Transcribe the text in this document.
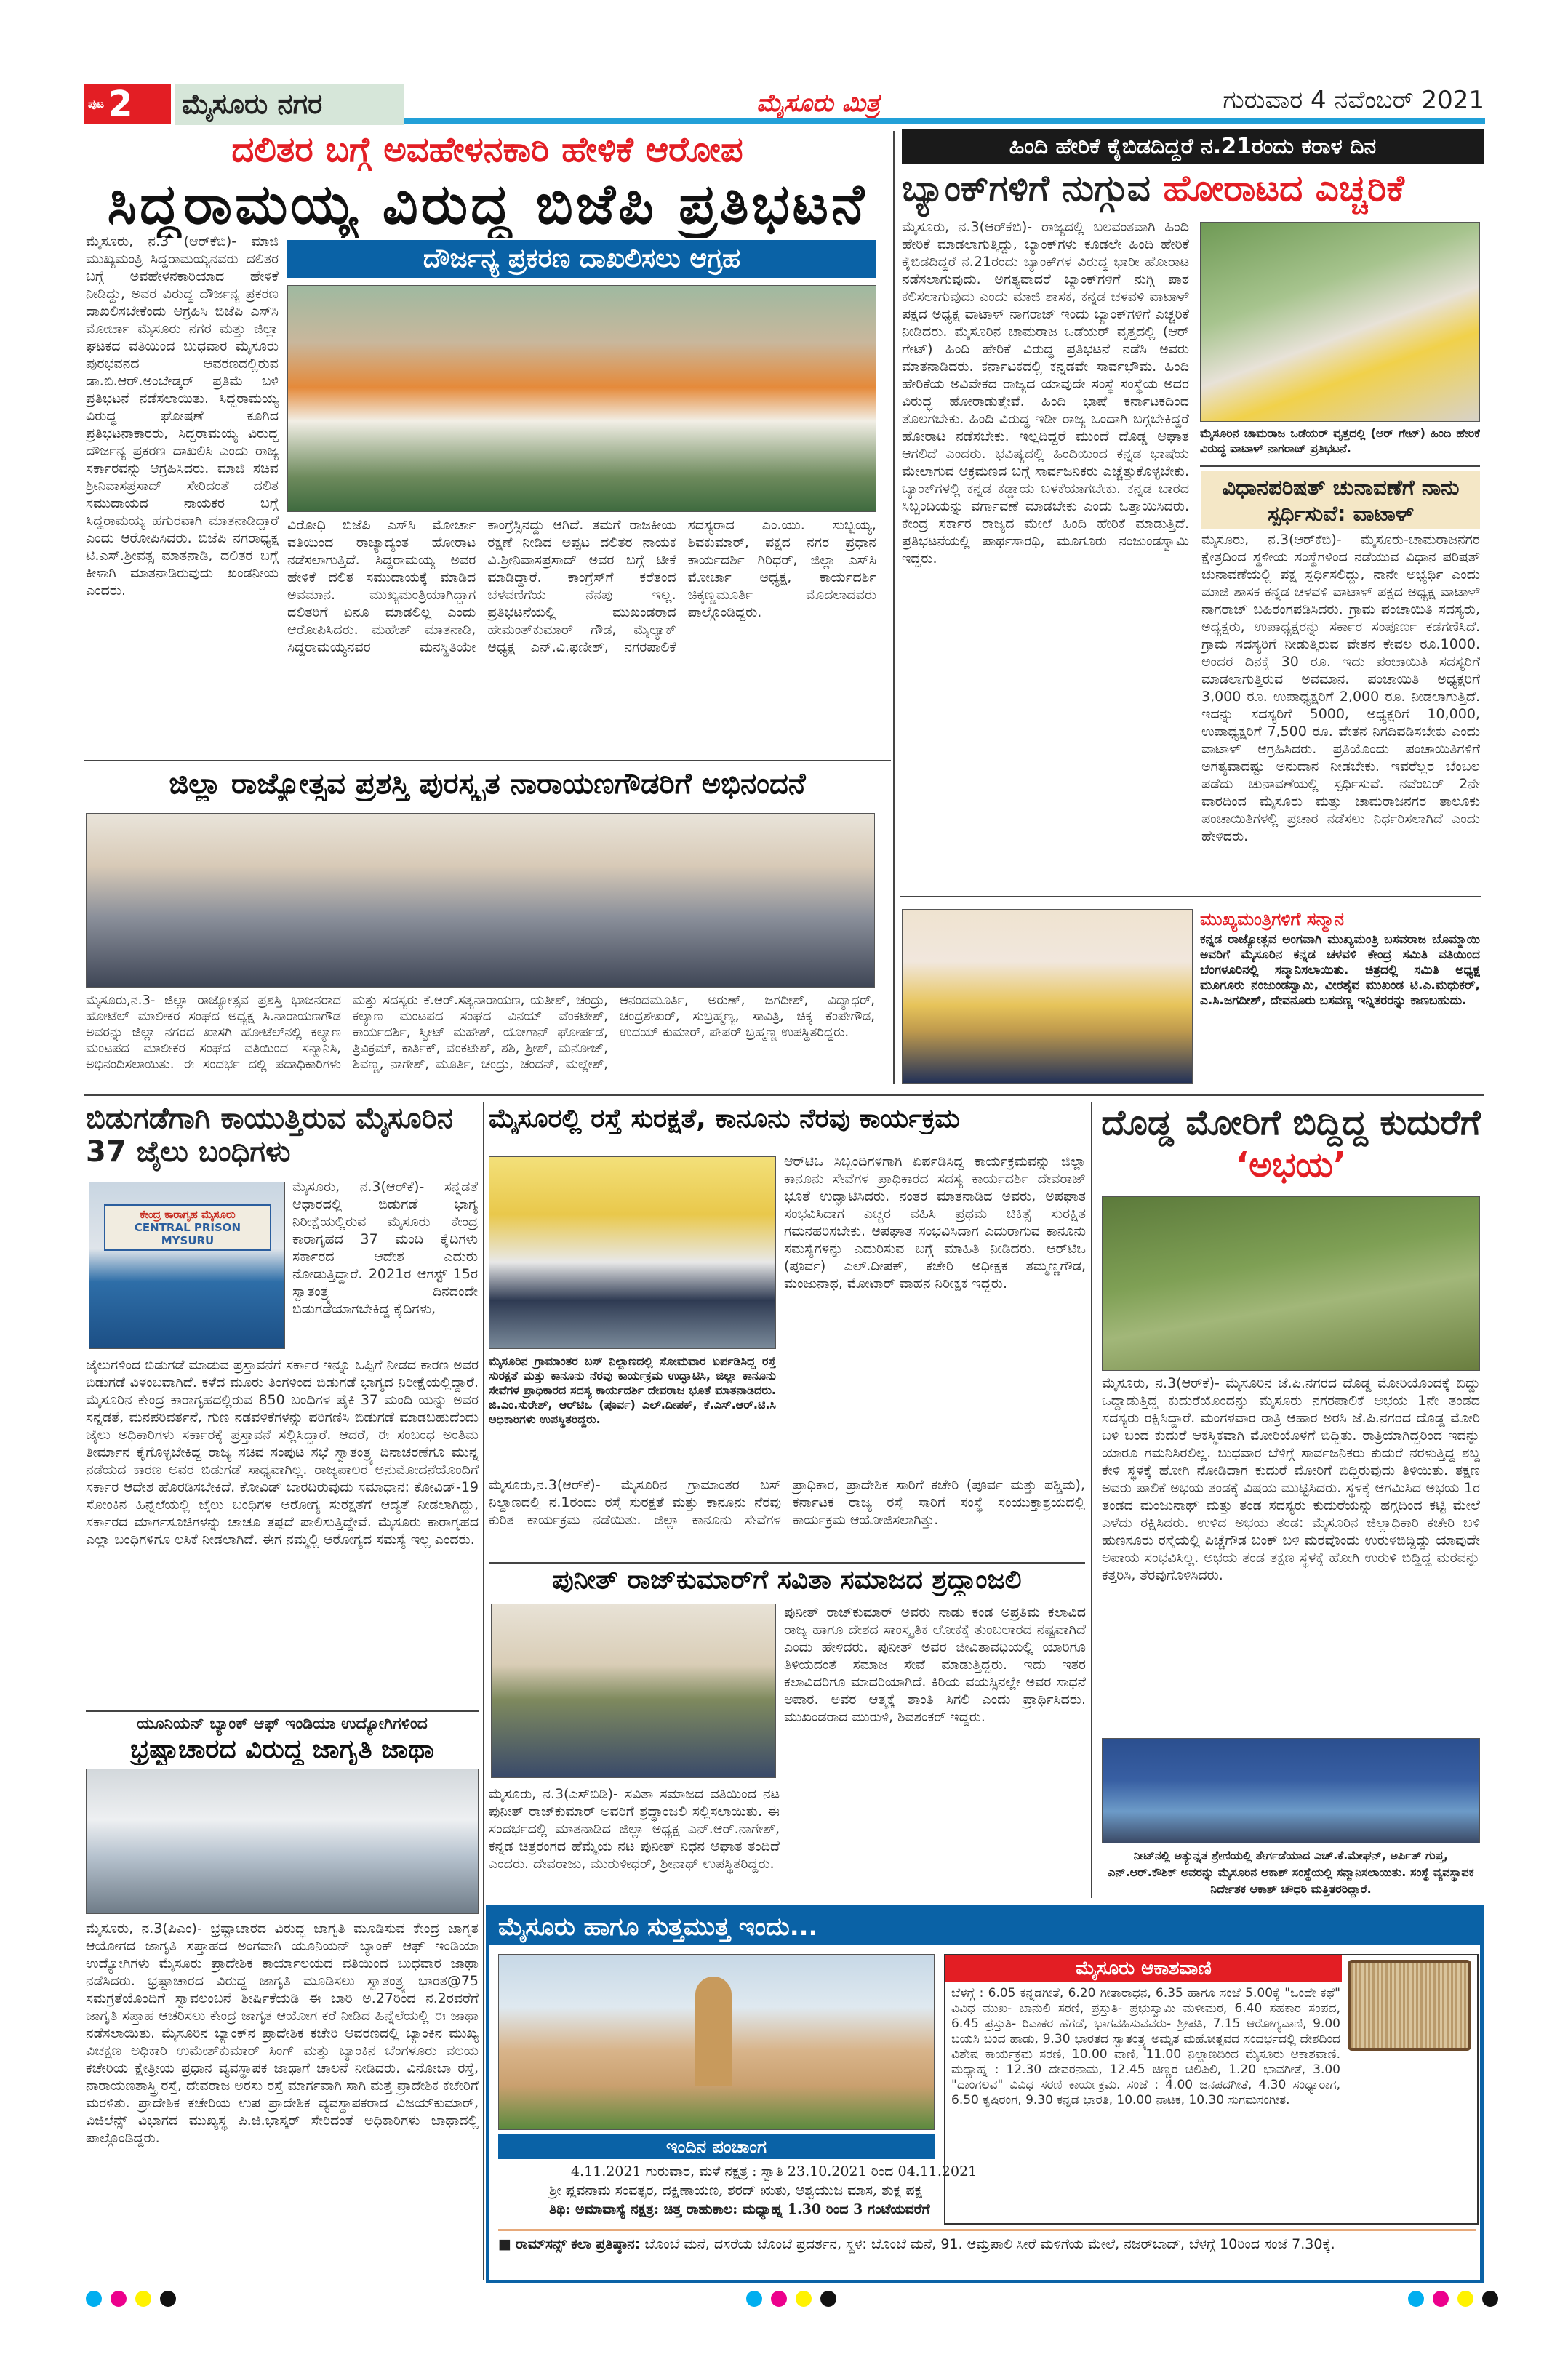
ಪುಟ 2 ಮೈಸೂರು ನಗರ	ಮೈಸೂರು ಮಿತ್ರ	ಗುರುವಾರ 4 ನವೆಂಬರ್ 2021
ದಲಿತರ ಬಗ್ಗೆ ಅವಹೇಳನಕಾರಿ ಹೇಳಿಕೆ ಆರೋಪ
ಸಿದ್ದರಾಮಯ್ಯ ವಿರುದ್ಧ ಬಿಜೆಪಿ ಪ್ರತಿಭಟನೆ
ಮೈಸೂರು, ನ.3 (ಆರ್‌ಕೆಬಿ)- ಮಾಜಿ ಮುಖ್ಯಮಂತ್ರಿ ಸಿದ್ದರಾಮಯ್ಯನವರು ದಲಿತರ ಬಗ್ಗೆ ಅವಹೇಳನಕಾರಿಯಾದ ಹೇಳಿಕೆ ನೀಡಿದ್ದು, ಅವರ ವಿರುದ್ಧ ದೌರ್ಜನ್ಯ ಪ್ರಕರಣ ದಾಖಲಿಸಬೇಕೆಂದು ಆಗ್ರಹಿಸಿ ಬಿಜೆಪಿ ಎಸ್‌ಸಿ ಮೋರ್ಚಾ ಮೈಸೂರು ನಗರ ಮತ್ತು ಜಿಲ್ಲಾ ಘಟಕದ ವತಿಯಿಂದ ಬುಧವಾರ ಮೈಸೂರು ಪುರಭವನದ ಆವರಣದಲ್ಲಿರುವ ಡಾ.ಬಿ.ಆರ್.ಅಂಬೇಡ್ಕರ್ ಪ್ರತಿಮೆ ಬಳಿ ಪ್ರತಿಭಟನೆ ನಡೆಸಲಾಯಿತು. ಸಿದ್ದರಾಮಯ್ಯ ವಿರುದ್ಧ ಘೋಷಣೆ ಕೂಗಿದ ಪ್ರತಿಭಟನಾಕಾರರು, ಸಿದ್ದರಾಮಯ್ಯ ವಿರುದ್ಧ ದೌರ್ಜನ್ಯ ಪ್ರಕರಣ ದಾಖಲಿಸಿ ಎಂದು ರಾಜ್ಯ ಸರ್ಕಾರವನ್ನು ಆಗ್ರಹಿಸಿದರು. ಮಾಜಿ ಸಚಿವ ಶ್ರೀನಿವಾಸಪ್ರಸಾದ್ ಸೇರಿದಂತೆ ದಲಿತ ಸಮುದಾಯದ ನಾಯಕರ ಬಗ್ಗೆ ಸಿದ್ದರಾಮಯ್ಯ ಹಗುರವಾಗಿ ಮಾತನಾಡಿದ್ದಾರೆ ಎಂದು ಆರೋಪಿಸಿದರು. ಬಿಜೆಪಿ ನಗರಾಧ್ಯಕ್ಷ ಟಿ.ಎಸ್.ಶ್ರೀವತ್ಸ ಮಾತನಾಡಿ, ದಲಿತರ ಬಗ್ಗೆ ಕೀಳಾಗಿ ಮಾತನಾಡಿರುವುದು ಖಂಡನೀಯ ಎಂದರು.
ದೌರ್ಜನ್ಯ ಪ್ರಕರಣ ದಾಖಲಿಸಲು ಆಗ್ರಹ
ವಿರೋಧಿ ಬಿಜೆಪಿ ಎಸ್‌ಸಿ ಮೋರ್ಚಾ ವತಿಯಿಂದ ರಾಜ್ಯಾದ್ಯಂತ ಹೋರಾಟ ನಡೆಸಲಾಗುತ್ತಿದೆ. ಸಿದ್ದರಾಮಯ್ಯ ಅವರ ಹೇಳಿಕೆ ದಲಿತ ಸಮುದಾಯಕ್ಕೆ ಮಾಡಿದ ಅವಮಾನ. ಮುಖ್ಯಮಂತ್ರಿಯಾಗಿದ್ದಾಗ ದಲಿತರಿಗೆ ಏನೂ ಮಾಡಲಿಲ್ಲ ಎಂದು ಆರೋಪಿಸಿದರು. ಮಹೇಶ್ ಮಾತನಾಡಿ, ಸಿದ್ದರಾಮಯ್ಯನವರ ಮನಸ್ಥಿತಿಯೇ ಕಾಂಗ್ರೆಸ್ಸಿನದ್ದು ಆಗಿದೆ. ತಮಗೆ ರಾಜಕೀಯ ರಕ್ಷಣೆ ನೀಡಿದ ಅಪ್ಪಟ ದಲಿತರ ನಾಯಕ ವಿ.ಶ್ರೀನಿವಾಸಪ್ರಸಾದ್ ಅವರ ಬಗ್ಗೆ ಟೀಕೆ ಮಾಡಿದ್ದಾರೆ. ಕಾಂಗ್ರೆಸ್‌ಗೆ ಕರೆತಂದ ಬೆಳವಣಿಗೆಯ ನೆನಪು ಇಲ್ಲ. ಪ್ರತಿಭಟನೆಯಲ್ಲಿ ಮುಖಂಡರಾದ ಹೇಮಂತ್‌ಕುಮಾರ್ ಗೌಡ, ಮೈಲ್ಯಾಕ್ ಅಧ್ಯಕ್ಷ ಎನ್.ವಿ.ಫಣೀಶ್, ನಗರಪಾಲಿಕೆ ಸದಸ್ಯರಾದ ಎಂ.ಯು. ಸುಬ್ಬಯ್ಯ, ಶಿವಕುಮಾರ್, ಪಕ್ಷದ ನಗರ ಪ್ರಧಾನ ಕಾರ್ಯದರ್ಶಿ ಗಿರಿಧರ್, ಜಿಲ್ಲಾ ಎಸ್‌ಸಿ ಮೋರ್ಚಾ ಅಧ್ಯಕ್ಷ, ಕಾರ್ಯದರ್ಶಿ ಚಿಕ್ಕಣ್ಣಮೂರ್ತಿ ಮೊದಲಾದವರು ಪಾಲ್ಗೊಂಡಿದ್ದರು.
ಹಿಂದಿ ಹೇರಿಕೆ ಕೈಬಿಡದಿದ್ದರೆ ನ.21ರಂದು ಕರಾಳ ದಿನ
ಬ್ಯಾಂಕ್‌ಗಳಿಗೆ ನುಗ್ಗುವ ಹೋರಾಟದ ಎಚ್ಚರಿಕೆ
ಮೈಸೂರು, ನ.3(ಆರ್‌ಕೆಬಿ)- ರಾಜ್ಯದಲ್ಲಿ ಬಲವಂತವಾಗಿ ಹಿಂದಿ ಹೇರಿಕೆ ಮಾಡಲಾಗುತ್ತಿದ್ದು, ಬ್ಯಾಂಕ್‌ಗಳು ಕೂಡಲೇ ಹಿಂದಿ ಹೇರಿಕೆ ಕೈಬಿಡದಿದ್ದರೆ ನ.21ರಂದು ಬ್ಯಾಂಕ್‌ಗಳ ವಿರುದ್ಧ ಭಾರೀ ಹೋರಾಟ ನಡೆಸಲಾಗುವುದು. ಅಗತ್ಯವಾದರೆ ಬ್ಯಾಂಕ್‌ಗಳಿಗೆ ನುಗ್ಗಿ ಪಾಠ ಕಲಿಸಲಾಗುವುದು ಎಂದು ಮಾಜಿ ಶಾಸಕ, ಕನ್ನಡ ಚಳವಳಿ ವಾಟಾಳ್ ಪಕ್ಷದ ಅಧ್ಯಕ್ಷ ವಾಟಾಳ್ ನಾಗರಾಜ್ ಇಂದು ಬ್ಯಾಂಕ್‌ಗಳಿಗೆ ಎಚ್ಚರಿಕೆ ನೀಡಿದರು. ಮೈಸೂರಿನ ಚಾಮರಾಜ ಒಡೆಯರ್ ವೃತ್ತದಲ್ಲಿ (ಆರ್ ಗೇಟ್) ಹಿಂದಿ ಹೇರಿಕೆ ವಿರುದ್ಧ ಪ್ರತಿಭಟನೆ ನಡೆಸಿ ಅವರು ಮಾತನಾಡಿದರು. ಕರ್ನಾಟಕದಲ್ಲಿ ಕನ್ನಡವೇ ಸಾರ್ವಭೌಮ. ಹಿಂದಿ ಹೇರಿಕೆಯ ಅವಿವೇಕದ ರಾಜ್ಯದ ಯಾವುದೇ ಸಂಸ್ಥೆ ಸಂಸ್ಥೆಯ ಅದರ ವಿರುದ್ಧ ಹೋರಾಡುತ್ತೇವೆ. ಹಿಂದಿ ಭಾಷೆ ಕರ್ನಾಟಕದಿಂದ ತೊಲಗಬೇಕು. ಹಿಂದಿ ವಿರುದ್ಧ ಇಡೀ ರಾಜ್ಯ ಒಂದಾಗಿ ಬಗ್ಗಬೇಕಿದ್ದರೆ ಹೋರಾಟ ನಡೆಸಬೇಕು. ಇಲ್ಲದಿದ್ದರೆ ಮುಂದೆ ದೊಡ್ಡ ಆಘಾತ ಆಗಲಿದೆ ಎಂದರು. ಭವಿಷ್ಯದಲ್ಲಿ ಹಿಂದಿಯಿಂದ ಕನ್ನಡ ಭಾಷೆಯ ಮೇಲಾಗುವ ಆಕ್ರಮಣದ ಬಗ್ಗೆ ಸಾರ್ವಜನಿಕರು ಎಚ್ಚೆತ್ತುಕೊಳ್ಳಬೇಕು. ಬ್ಯಾಂಕ್‌ಗಳಲ್ಲಿ ಕನ್ನಡ ಕಡ್ಡಾಯ ಬಳಕೆಯಾಗಬೇಕು. ಕನ್ನಡ ಬಾರದ ಸಿಬ್ಬಂದಿಯನ್ನು ವರ್ಗಾವಣೆ ಮಾಡಬೇಕು ಎಂದು ಒತ್ತಾಯಿಸಿದರು. ಕೇಂದ್ರ ಸರ್ಕಾರ ರಾಜ್ಯದ ಮೇಲೆ ಹಿಂದಿ ಹೇರಿಕೆ ಮಾಡುತ್ತಿದೆ. ಪ್ರತಿಭಟನೆಯಲ್ಲಿ ಪಾರ್ಥಸಾರಥಿ, ಮೂಗೂರು ನಂಜುಂಡಸ್ವಾಮಿ ಇದ್ದರು.
ಮೈಸೂರಿನ ಚಾಮರಾಜ ಒಡೆಯರ್ ವೃತ್ತದಲ್ಲಿ (ಆರ್ ಗೇಟ್) ಹಿಂದಿ ಹೇರಿಕೆ ವಿರುದ್ಧ ವಾಟಾಳ್ ನಾಗರಾಜ್ ಪ್ರತಿಭಟನೆ.
ವಿಧಾನಪರಿಷತ್ ಚುನಾವಣೆಗೆ ನಾನು ಸ್ಪರ್ಧಿಸುವೆ: ವಾಟಾಳ್
ಮೈಸೂರು, ನ.3(ಆರ್‌ಕೆಬಿ)- ಮೈಸೂರು-ಚಾಮರಾಜನಗರ ಕ್ಷೇತ್ರದಿಂದ ಸ್ಥಳೀಯ ಸಂಸ್ಥೆಗಳಿಂದ ನಡೆಯುವ ವಿಧಾನ ಪರಿಷತ್ ಚುನಾವಣೆಯಲ್ಲಿ ಪಕ್ಷ ಸ್ಪರ್ಧಿಸಲಿದ್ದು, ನಾನೇ ಅಭ್ಯರ್ಥಿ ಎಂದು ಮಾಜಿ ಶಾಸಕ ಕನ್ನಡ ಚಳವಳಿ ವಾಟಾಳ್ ಪಕ್ಷದ ಅಧ್ಯಕ್ಷ ವಾಟಾಳ್ ನಾಗರಾಜ್ ಬಹಿರಂಗಪಡಿಸಿದರು. ಗ್ರಾಮ ಪಂಚಾಯಿತಿ ಸದಸ್ಯರು, ಅಧ್ಯಕ್ಷರು, ಉಪಾಧ್ಯಕ್ಷರನ್ನು ಸರ್ಕಾರ ಸಂಪೂರ್ಣ ಕಡೆಗಣಿಸಿದೆ. ಗ್ರಾಮ ಸದಸ್ಯರಿಗೆ ನೀಡುತ್ತಿರುವ ವೇತನ ಕೇವಲ ರೂ.1000. ಅಂದರೆ ದಿನಕ್ಕೆ 30 ರೂ. ಇದು ಪಂಚಾಯಿತಿ ಸದಸ್ಯರಿಗೆ ಮಾಡಲಾಗುತ್ತಿರುವ ಅವಮಾನ. ಪಂಚಾಯಿತಿ ಅಧ್ಯಕ್ಷರಿಗೆ 3,000 ರೂ. ಉಪಾಧ್ಯಕ್ಷರಿಗೆ 2,000 ರೂ. ನೀಡಲಾಗುತ್ತಿದೆ. ಇದನ್ನು ಸದಸ್ಯರಿಗೆ 5000, ಅಧ್ಯಕ್ಷರಿಗೆ 10,000, ಉಪಾಧ್ಯಕ್ಷರಿಗೆ 7,500 ರೂ. ವೇತನ ನಿಗದಿಪಡಿಸಬೇಕು ಎಂದು ವಾಟಾಳ್ ಆಗ್ರಹಿಸಿದರು. ಪ್ರತಿಯೊಂದು ಪಂಚಾಯಿತಿಗಳಿಗೆ ಅಗತ್ಯವಾದಷ್ಟು ಅನುದಾನ ನೀಡಬೇಕು. ಇವರೆಲ್ಲರ ಬೆಂಬಲ ಪಡೆದು ಚುನಾವಣೆಯಲ್ಲಿ ಸ್ಪರ್ಧಿಸುವೆ. ನವೆಂಬರ್ 2ನೇ ವಾರದಿಂದ ಮೈಸೂರು ಮತ್ತು ಚಾಮರಾಜನಗರ ತಾಲೂಕು ಪಂಚಾಯಿತಿಗಳಲ್ಲಿ ಪ್ರಚಾರ ನಡೆಸಲು ನಿರ್ಧರಿಸಲಾಗಿದೆ ಎಂದು ಹೇಳಿದರು.
ಜಿಲ್ಲಾ ರಾಜ್ಯೋತ್ಸವ ಪ್ರಶಸ್ತಿ ಪುರಸ್ಕೃತ ನಾರಾಯಣಗೌಡರಿಗೆ ಅಭಿನಂದನೆ
ಮೈಸೂರು,ನ.3- ಜಿಲ್ಲಾ ರಾಜ್ಯೋತ್ಸವ ಪ್ರಶಸ್ತಿ ಭಾಜನರಾದ ಹೋಟೆಲ್ ಮಾಲೀಕರ ಸಂಘದ ಅಧ್ಯಕ್ಷ ಸಿ.ನಾರಾಯಣಗೌಡ ಅವರನ್ನು ಜಿಲ್ಲಾ ನಗರದ ಖಾಸಗಿ ಹೋಟೆಲ್‌ನಲ್ಲಿ ಕಲ್ಯಾಣ ಮಂಟಪದ ಮಾಲೀಕರ ಸಂಘದ ವತಿಯಿಂದ ಸನ್ಮಾನಿಸಿ, ಅಭಿನಂದಿಸಲಾಯಿತು. ಈ ಸಂದರ್ಭ ದಲ್ಲಿ ಪದಾಧಿಕಾರಿಗಳು ಮತ್ತು ಸದಸ್ಯರು ಕೆ.ಆರ್.ಸತ್ಯನಾರಾಯಣ, ಯತೀಶ್, ಚಂದ್ರು, ಕಲ್ಯಾಣ ಮಂಟಪದ ಸಂಘದ ವಿನಯ್ ವೆಂಕಟೇಶ್, ಕಾರ್ಯದರ್ಶಿ, ಸ್ವೀಟ್ ಮಹೇಶ್, ಯೋಗಾನ್ ಘೋರ್ಪಡೆ, ತ್ರಿವಿಕ್ರಮ್, ಕಾರ್ತಿಕ್, ವೆಂಕಟೇಶ್, ಶಶಿ, ಶ್ರೀಶ್, ಮನೋಜ್, ಶಿವಣ್ಣ, ನಾಗೇಶ್, ಮೂರ್ತಿ, ಚಂದ್ರು, ಚಂದನ್, ಮಲ್ಲೇಶ್, ಆನಂದಮೂರ್ತಿ, ಅರುಣ್, ಜಗದೀಶ್, ವಿದ್ಯಾಧರ್, ಚಂದ್ರಶೇಖರ್, ಸುಬ್ರಹ್ಮಣ್ಯ, ಸಾವಿತ್ರಿ, ಚಿಕ್ಕ ಕೆಂಪೇಗೌಡ, ಉದಯ್ ಕುಮಾರ್, ಪೇಪರ್ ಬ್ರಹ್ಮಣ್ಣ ಉಪಸ್ಥಿತರಿದ್ದರು.
ಮುಖ್ಯಮಂತ್ರಿಗಳಿಗೆ ಸನ್ಮಾನ
ಕನ್ನಡ ರಾಜ್ಯೋತ್ಸವ ಅಂಗವಾಗಿ ಮುಖ್ಯಮಂತ್ರಿ ಬಸವರಾಜ ಬೊಮ್ಮಾಯಿ ಅವರಿಗೆ ಮೈಸೂರಿನ ಕನ್ನಡ ಚಳವಳಿ ಕೇಂದ್ರ ಸಮಿತಿ ವತಿಯಿಂದ ಬೆಂಗಳೂರಿನಲ್ಲಿ ಸನ್ಮಾನಿಸಲಾಯಿತು. ಚಿತ್ರದಲ್ಲಿ ಸಮಿತಿ ಅಧ್ಯಕ್ಷ ಮೂಗೂರು ನಂಜುಂಡಸ್ವಾಮಿ, ವೀರಶೈವ ಮುಖಂಡ ಟಿ.ಎ.ಮಧುಕರ್, ಎ.ಸಿ.ಜಗದೀಶ್, ದೇವನೂರು ಬಸವಣ್ಣ ಇನ್ನಿತರರನ್ನು ಕಾಣಬಹುದು.
ಬಿಡುಗಡೆಗಾಗಿ ಕಾಯುತ್ತಿರುವ ಮೈಸೂರಿನ 37 ಜೈಲು ಬಂಧಿಗಳು
ಕೇಂದ್ರ ಕಾರಾಗೃಹ ಮೈಸೂರು
CENTRAL PRISON MYSURU
ಮೈಸೂರು, ನ.3(ಆರ್‌ಕೆ)- ಸನ್ನಡತೆ ಆಧಾರದಲ್ಲಿ ಬಿಡುಗಡೆ ಭಾಗ್ಯ ನಿರೀಕ್ಷೆಯಲ್ಲಿರುವ ಮೈಸೂರು ಕೇಂದ್ರ ಕಾರಾಗೃಹದ 37 ಮಂದಿ ಕೈದಿಗಳು ಸರ್ಕಾರದ ಆದೇಶ ಎದುರು ನೋಡುತ್ತಿದ್ದಾರೆ. 2021ರ ಆಗಸ್ಟ್ 15ರ ಸ್ವಾತಂತ್ರ್ಯ ದಿನದಂದೇ ಬಿಡುಗಡೆಯಾಗಬೇಕಿದ್ದ ಕೈದಿಗಳು,
ಜೈಲುಗಳಿಂದ ಬಿಡುಗಡೆ ಮಾಡುವ ಪ್ರಸ್ತಾವನೆಗೆ ಸರ್ಕಾರ ಇನ್ನೂ ಒಪ್ಪಿಗೆ ನೀಡದ ಕಾರಣ ಅವರ ಬಿಡುಗಡೆ ವಿಳಂಬವಾಗಿದೆ. ಕಳೆದ ಮೂರು ತಿಂಗಳಿಂದ ಬಿಡುಗಡೆ ಭಾಗ್ಯದ ನಿರೀಕ್ಷೆಯಲ್ಲಿದ್ದಾರೆ. ಮೈಸೂರಿನ ಕೇಂದ್ರ ಕಾರಾಗೃಹದಲ್ಲಿರುವ 850 ಬಂಧಿಗಳ ಪೈಕಿ 37 ಮಂದಿ ಯನ್ನು ಅವರ ಸನ್ನಡತೆ, ಮನಪರಿವರ್ತನೆ, ಗುಣ ನಡವಳಿಕೆಗಳನ್ನು ಪರಿಗಣಿಸಿ ಬಿಡುಗಡೆ ಮಾಡಬಹುದೆಂದು ಜೈಲು ಅಧಿಕಾರಿಗಳು ಸರ್ಕಾರಕ್ಕೆ ಪ್ರಸ್ತಾವನೆ ಸಲ್ಲಿಸಿದ್ದಾರೆ. ಆದರೆ, ಈ ಸಂಬಂಧ ಅಂತಿಮ ತೀರ್ಮಾನ ಕೈಗೊಳ್ಳಬೇಕಿದ್ದ ರಾಜ್ಯ ಸಚಿವ ಸಂಪುಟ ಸಭೆ ಸ್ವಾತಂತ್ರ್ಯ ದಿನಾಚರಣೆಗೂ ಮುನ್ನ ನಡೆಯದ ಕಾರಣ ಅವರ ಬಿಡುಗಡೆ ಸಾಧ್ಯವಾಗಿಲ್ಲ. ರಾಜ್ಯಪಾಲರ ಅನುಮೋದನೆಯೊಂದಿಗೆ ಸರ್ಕಾರ ಆದೇಶ ಹೊರಡಿಸಬೇಕಿದೆ. ಕೋವಿಡ್ ಬಾರದಿರುವುದು ಸಮಾಧಾನ: ಕೋವಿಡ್-19 ಸೋಂಕಿನ ಹಿನ್ನೆಲೆಯಲ್ಲಿ ಜೈಲು ಬಂಧಿಗಳ ಆರೋಗ್ಯ ಸುರಕ್ಷತೆಗೆ ಆದ್ಯತೆ ನೀಡಲಾಗಿದ್ದು, ಸರ್ಕಾರದ ಮಾರ್ಗಸೂಚಿಗಳನ್ನು ಚಾಚೂ ತಪ್ಪದೆ ಪಾಲಿಸುತ್ತಿದ್ದೇವೆ. ಮೈಸೂರು ಕಾರಾಗೃಹದ ಎಲ್ಲಾ ಬಂಧಿಗಳಿಗೂ ಲಸಿಕೆ ನೀಡಲಾಗಿದೆ. ಈಗ ನಮ್ಮಲ್ಲಿ ಆರೋಗ್ಯದ ಸಮಸ್ಯೆ ಇಲ್ಲ ಎಂದರು.
ಯೂನಿಯನ್ ಬ್ಯಾಂಕ್ ಆಫ್ ಇಂಡಿಯಾ ಉದ್ಯೋಗಿಗಳಿಂದ
ಭ್ರಷ್ಟಾಚಾರದ ವಿರುದ್ಧ ಜಾಗೃತಿ ಜಾಥಾ
ಮೈಸೂರು, ನ.3(ಪಿಎಂ)- ಭ್ರಷ್ಟಾಚಾರದ ವಿರುದ್ಧ ಜಾಗೃತಿ ಮೂಡಿಸುವ ಕೇಂದ್ರ ಜಾಗೃತ ಆಯೋಗದ ಜಾಗೃತಿ ಸಪ್ತಾಹದ ಅಂಗವಾಗಿ ಯೂನಿಯನ್ ಬ್ಯಾಂಕ್ ಆಫ್ ಇಂಡಿಯಾ ಉದ್ಯೋಗಿಗಳು ಮೈಸೂರು ಪ್ರಾದೇಶಿಕ ಕಾರ್ಯಾಲಯದ ವತಿಯಿಂದ ಬುಧವಾರ ಜಾಥಾ ನಡೆಸಿದರು. ಭ್ರಷ್ಟಾಚಾರದ ವಿರುದ್ಧ ಜಾಗೃತಿ ಮೂಡಿಸಲು ಸ್ವಾತಂತ್ರ್ಯ ಭಾರತ@75 ಸಮಗ್ರತೆಯೊಂದಿಗೆ ಸ್ವಾವಲಂಬನೆ ಶೀರ್ಷಿಕೆಯಡಿ ಈ ಬಾರಿ ಅ.27ರಿಂದ ನ.2ರವರೆಗೆ ಜಾಗೃತಿ ಸಪ್ತಾಹ ಆಚರಿಸಲು ಕೇಂದ್ರ ಜಾಗೃತ ಆಯೋಗ ಕರೆ ನೀಡಿದ ಹಿನ್ನೆಲೆಯಲ್ಲಿ ಈ ಜಾಥಾ ನಡೆಸಲಾಯಿತು. ಮೈಸೂರಿನ ಬ್ಯಾಂಕ್‌ನ ಪ್ರಾದೇಶಿಕ ಕಚೇರಿ ಆವರಣದಲ್ಲಿ ಬ್ಯಾಂಕಿನ ಮುಖ್ಯ ವಿಚಕ್ಷಣ ಅಧಿಕಾರಿ ಉಮೇಶ್‌ಕುಮಾರ್ ಸಿಂಗ್ ಮತ್ತು ಬ್ಯಾಂಕಿನ ಬೆಂಗಳೂರು ವಲಯ ಕಚೇರಿಯ ಕ್ಷೇತ್ರೀಯ ಪ್ರಧಾನ ವ್ಯವಸ್ಥಾಪಕ ಜಾಥಾಗೆ ಚಾಲನೆ ನೀಡಿದರು. ವಿನೋಬಾ ರಸ್ತೆ, ನಾರಾಯಣಶಾಸ್ತ್ರಿ ರಸ್ತೆ, ದೇವರಾಜ ಅರಸು ರಸ್ತೆ ಮಾರ್ಗವಾಗಿ ಸಾಗಿ ಮತ್ತೆ ಪ್ರಾದೇಶಿಕ ಕಚೇರಿಗೆ ಮರಳಿತು. ಪ್ರಾದೇಶಿಕ ಕಚೇರಿಯ ಉಪ ಪ್ರಾದೇಶಿಕ ವ್ಯವಸ್ಥಾಪಕರಾದ ವಿಜಯ್‌ಕುಮಾರ್, ವಿಜಿಲೆನ್ಸ್ ವಿಭಾಗದ ಮುಖ್ಯಸ್ಥ ಪಿ.ಜಿ.ಭಾಸ್ಕರ್ ಸೇರಿದಂತೆ ಅಧಿಕಾರಿಗಳು ಜಾಥಾದಲ್ಲಿ ಪಾಲ್ಗೊಂಡಿದ್ದರು.
ಮೈಸೂರಲ್ಲಿ ರಸ್ತೆ ಸುರಕ್ಷತೆ, ಕಾನೂನು ನೆರವು ಕಾರ್ಯಕ್ರಮ
ಆರ್‌ಟಿಒ ಸಿಬ್ಬಂದಿಗಳಿಗಾಗಿ ಏರ್ಪಡಿಸಿದ್ದ ಕಾರ್ಯಕ್ರಮವನ್ನು ಜಿಲ್ಲಾ ಕಾನೂನು ಸೇವೆಗಳ ಪ್ರಾಧಿಕಾರದ ಸದಸ್ಯ ಕಾರ್ಯದರ್ಶಿ ದೇವರಾಜ್ ಭೂತೆ ಉದ್ಘಾಟಿಸಿದರು. ನಂತರ ಮಾತನಾಡಿದ ಅವರು, ಅಪಘಾತ ಸಂಭವಿಸಿದಾಗ ಎಚ್ಚರ ವಹಿಸಿ ಪ್ರಥಮ ಚಿಕಿತ್ಸೆ ಸುರಕ್ಷಿತ ಗಮನಹರಿಸಬೇಕು. ಅಪಘಾತ ಸಂಭವಿಸಿದಾಗ ಎದುರಾಗುವ ಕಾನೂನು ಸಮಸ್ಯೆಗಳನ್ನು ಎದುರಿಸುವ ಬಗ್ಗೆ ಮಾಹಿತಿ ನೀಡಿದರು. ಆರ್‌ಟಿಒ (ಪೂರ್ವ) ಎಲ್.ದೀಪಕ್, ಕಚೇರಿ ಅಧೀಕ್ಷಕ ತಮ್ಮಣ್ಣಗೌಡ, ಮಂಜುನಾಥ, ಮೋಟಾರ್ ವಾಹನ ನಿರೀಕ್ಷಕ ಇದ್ದರು.
ಮೈಸೂರಿನ ಗ್ರಾಮಾಂತರ ಬಸ್ ನಿಲ್ದಾಣದಲ್ಲಿ ಸೋಮವಾರ ಏರ್ಪಡಿಸಿದ್ದ ರಸ್ತೆ ಸುರಕ್ಷತೆ ಮತ್ತು ಕಾನೂನು ನೆರವು ಕಾರ್ಯಕ್ರಮ ಉದ್ಘಾಟಿಸಿ, ಜಿಲ್ಲಾ ಕಾನೂನು ಸೇವೆಗಳ ಪ್ರಾಧಿಕಾರದ ಸದಸ್ಯ ಕಾರ್ಯದರ್ಶಿ ದೇವರಾಜ ಭೂತೆ ಮಾತನಾಡಿದರು. ಜಿ.ಎಂ.ಸುರೇಶ್, ಆರ್‌ಟಿಒ (ಪೂರ್ವ) ಎಲ್.ದೀಪಕ್, ಕೆ.ಎಸ್.ಆರ್.ಟಿ.ಸಿ ಅಧಿಕಾರಿಗಳು ಉಪಸ್ಥಿತರಿದ್ದರು.
ಮೈಸೂರು,ನ.3(ಆರ್‌ಕೆ)- ಮೈಸೂರಿನ ಗ್ರಾಮಾಂತರ ಬಸ್ ನಿಲ್ದಾಣದಲ್ಲಿ ನ.1ರಂದು ರಸ್ತೆ ಸುರಕ್ಷತೆ ಮತ್ತು ಕಾನೂನು ನೆರವು ಕುರಿತ ಕಾರ್ಯಕ್ರಮ ನಡೆಯಿತು. ಜಿಲ್ಲಾ ಕಾನೂನು ಸೇವೆಗಳ ಪ್ರಾಧಿಕಾರ, ಪ್ರಾದೇಶಿಕ ಸಾರಿಗೆ ಕಚೇರಿ (ಪೂರ್ವ ಮತ್ತು ಪಶ್ಚಿಮ), ಕರ್ನಾಟಕ ರಾಜ್ಯ ರಸ್ತೆ ಸಾರಿಗೆ ಸಂಸ್ಥೆ ಸಂಯುಕ್ತಾಶ್ರಯದಲ್ಲಿ ಕಾರ್ಯಕ್ರಮ ಆಯೋಜಿಸಲಾಗಿತ್ತು.
ಪುನೀತ್ ರಾಜ್‌ಕುಮಾರ್‌ಗೆ ಸವಿತಾ ಸಮಾಜದ ಶ್ರದ್ಧಾಂಜಲಿ
ಪುನೀತ್ ರಾಜ್‌ಕುಮಾರ್ ಅವರು ನಾಡು ಕಂಡ ಅಪ್ರತಿಮ ಕಲಾವಿದ ರಾಜ್ಯ ಹಾಗೂ ದೇಶದ ಸಾಂಸ್ಕೃತಿಕ ಲೋಕಕ್ಕೆ ತುಂಬಲಾರದ ನಷ್ಟವಾಗಿದೆ ಎಂದು ಹೇಳಿದರು. ಪುನೀತ್ ಅವರ ಜೀವಿತಾವಧಿಯಲ್ಲಿ ಯಾರಿಗೂ ತಿಳಿಯದಂತೆ ಸಮಾಜ ಸೇವೆ ಮಾಡುತ್ತಿದ್ದರು. ಇದು ಇತರ ಕಲಾವಿದರಿಗೂ ಮಾದರಿಯಾಗಿದೆ. ಕಿರಿಯ ವಯಸ್ಸಿನಲ್ಲೇ ಅವರ ಸಾಧನೆ ಅಪಾರ. ಅವರ ಆತ್ಮಕ್ಕೆ ಶಾಂತಿ ಸಿಗಲಿ ಎಂದು ಪ್ರಾರ್ಥಿಸಿದರು. ಮುಖಂಡರಾದ ಮುರುಳಿ, ಶಿವಶಂಕರ್ ಇದ್ದರು.
ಮೈಸೂರು, ನ.3(ಎಸ್‌ಬಿಡಿ)- ಸವಿತಾ ಸಮಾಜದ ವತಿಯಿಂದ ನಟ ಪುನೀತ್ ರಾಜ್‌ಕುಮಾರ್ ಅವರಿಗೆ ಶ್ರದ್ಧಾಂಜಲಿ ಸಲ್ಲಿಸಲಾಯಿತು. ಈ ಸಂದರ್ಭದಲ್ಲಿ ಮಾತನಾಡಿದ ಜಿಲ್ಲಾ ಅಧ್ಯಕ್ಷ ಎನ್.ಆರ್.ನಾಗೇಶ್, ಕನ್ನಡ ಚಿತ್ರರಂಗದ ಹೆಮ್ಮೆಯ ನಟ ಪುನೀತ್ ನಿಧನ ಆಘಾತ ತಂದಿದೆ ಎಂದರು. ದೇವರಾಜು, ಮುರುಳೀಧರ್, ಶ್ರೀನಾಥ್ ಉಪಸ್ಥಿತರಿದ್ದರು.
ದೊಡ್ಡ ಮೋರಿಗೆ ಬಿದ್ದಿದ್ದ ಕುದುರೆಗೆ
‘ಅಭಯ’
ಮೈಸೂರು, ನ.3(ಆರ್‌ಕೆ)- ಮೈಸೂರಿನ ಜೆ.ಪಿ.ನಗರದ ದೊಡ್ಡ ಮೋರಿಯೊಂದಕ್ಕೆ ಬಿದ್ದು ಒದ್ದಾಡುತ್ತಿದ್ದ ಕುದುರೆಯೊಂದನ್ನು ಮೈಸೂರು ನಗರಪಾಲಿಕೆ ಅಭಯ 1ನೇ ತಂಡದ ಸದಸ್ಯರು ರಕ್ಷಿಸಿದ್ದಾರೆ. ಮಂಗಳವಾರ ರಾತ್ರಿ ಆಹಾರ ಅರಸಿ ಜೆ.ಪಿ.ನಗರದ ದೊಡ್ಡ ಮೋರಿ ಬಳಿ ಬಂದ ಕುದುರೆ ಆಕಸ್ಮಿಕವಾಗಿ ಮೋರಿಯೊಳಗೆ ಬಿದ್ದಿತು. ರಾತ್ರಿಯಾಗಿದ್ದರಿಂದ ಇದನ್ನು ಯಾರೂ ಗಮನಿಸಿರಲಿಲ್ಲ. ಬುಧವಾರ ಬೆಳಿಗ್ಗೆ ಸಾರ್ವಜನಿಕರು ಕುದುರೆ ನರಳುತ್ತಿದ್ದ ಶಬ್ದ ಕೇಳಿ ಸ್ಥಳಕ್ಕೆ ಹೋಗಿ ನೋಡಿದಾಗ ಕುದುರೆ ಮೋರಿಗೆ ಬಿದ್ದಿರುವುದು ತಿಳಿಯಿತು. ತಕ್ಷಣ ಅವರು ಪಾಲಿಕೆ ಅಭಯ ತಂಡಕ್ಕೆ ವಿಷಯ ಮುಟ್ಟಿಸಿದರು. ಸ್ಥಳಕ್ಕೆ ಆಗಮಿಸಿದ ಅಭಯ 1ರ ತಂಡದ ಮಂಜುನಾಥ್ ಮತ್ತು ತಂಡ ಸದಸ್ಯರು ಕುದುರೆಯನ್ನು ಹಗ್ಗದಿಂದ ಕಟ್ಟಿ ಮೇಲೆ ಎಳೆದು ರಕ್ಷಿಸಿದರು. ಉಳಿದ ಅಭಯ ತಂಡ: ಮೈಸೂರಿನ ಜಿಲ್ಲಾಧಿಕಾರಿ ಕಚೇರಿ ಬಳಿ ಹುಣಸೂರು ರಸ್ತೆಯಲ್ಲಿ ಪಿಚ್ಚೆಗೌಡ ಬಂಕ್ ಬಳಿ ಮರವೊಂದು ಉರುಳಿಬಿದ್ದಿದ್ದು ಯಾವುದೇ ಅಪಾಯ ಸಂಭವಿಸಿಲ್ಲ. ಅಭಯ ತಂಡ ತಕ್ಷಣ ಸ್ಥಳಕ್ಕೆ ಹೋಗಿ ಉರುಳಿ ಬಿದ್ದಿದ್ದ ಮರವನ್ನು ಕತ್ತರಿಸಿ, ತೆರವುಗೊಳಿಸಿದರು.
ನೀಟ್‌ನಲ್ಲಿ ಅತ್ಯುನ್ನತ ಶ್ರೇಣಿಯಲ್ಲಿ ತೇರ್ಗಡೆಯಾದ ಎಚ್.ಕೆ.ಮೇಘನ್, ಅರ್ಪಿತ್ ಗುಪ್ತ, ಎನ್.ಆರ್.ಕೌಶಿಕ್ ಅವರನ್ನು ಮೈಸೂರಿನ ಆಕಾಶ್ ಸಂಸ್ಥೆಯಲ್ಲಿ ಸನ್ಮಾನಿಸಲಾಯಿತು. ಸಂಸ್ಥೆ ವ್ಯವಸ್ಥಾಪಕ ನಿರ್ದೇಶಕ ಆಕಾಶ್ ಚೌಧರಿ ಮತ್ತಿತರರಿದ್ದಾರೆ.
ಮೈಸೂರು ಹಾಗೂ ಸುತ್ತಮುತ್ತ ಇಂದು...
ಇಂದಿನ ಪಂಚಾಂಗ
4.11.2021 ಗುರುವಾರ, ಮಳೆ ನಕ್ಷತ್ರ : ಸ್ವಾತಿ 23.10.2021 ರಿಂದ 04.11.2021
ಶ್ರೀ ಪ್ಲವನಾಮ ಸಂವತ್ಸರ, ದಕ್ಷಿಣಾಯಣ, ಶರದ್ ಋತು, ಆಶ್ವಯುಜ ಮಾಸ, ಶುಕ್ಲ ಪಕ್ಷ
ತಿಥಿ: ಅಮಾವಾಸ್ಯೆ ನಕ್ಷತ್ರ: ಚಿತ್ತ ರಾಹುಕಾಲ: ಮಧ್ಯಾಹ್ನ 1.30 ರಿಂದ 3 ಗಂಟೆಯವರೆಗೆ
■ ರಾಮ್‌ಸನ್ಸ್ ಕಲಾ ಪ್ರತಿಷ್ಠಾನ: ಬೊಂಬೆ ಮನೆ, ದಸರೆಯ ಬೊಂಬೆ ಪ್ರದರ್ಶನ, ಸ್ಥಳ: ಬೊಂಬೆ ಮನೆ, 91. ಆಮ್ರಪಾಲಿ ಸೀರೆ ಮಳಿಗೆಯ ಮೇಲೆ, ನಜರ್‌ಬಾದ್, ಬೆಳಗ್ಗೆ 10ರಿಂದ ಸಂಜೆ 7.30ಕ್ಕೆ.
ಮೈಸೂರು ಆಕಾಶವಾಣಿ
ಬೆಳಗ್ಗೆ : 6.05 ಕನ್ನಡಗೀತೆ, 6.20 ಗೀತಾರಾಧನ, 6.35 ಹಾಗೂ ಸಂಜೆ 5.00ಕ್ಕೆ "ಒಂದೇ ಕಥೆ" ವಿವಿಧ ಮುಖ- ಬಾನುಲಿ ಸರಣಿ, ಪ್ರಸ್ತುತಿ- ಪ್ರಭುಸ್ವಾಮಿ ಮಳೀಮಠ, 6.40 ಸಹಕಾರ ಸಂಪದ, 6.45 ಪ್ರಸ್ತುತಿ- ರಿವಾಕರ ಹೆಗಡೆ, ಭಾಗವಹಿಸುವವರು- ಶ್ರೀಪತಿ, 7.15 ಆರೋಗ್ಯವಾಣಿ, 9.00 ಬಯಸಿ ಬಂದ ಹಾಡು, 9.30 ಭಾರತದ ಸ್ವಾತಂತ್ರ್ಯ ಅಮೃತ ಮಹೋತ್ಸವದ ಸಂದರ್ಭದಲ್ಲಿ ದೇಶದಿಂದ ವಿಶೇಷ ಕಾರ್ಯಕ್ರಮ ಸರಣಿ, 10.00 ವಾಣಿ, 11.00 ನಿಲ್ದಾಣದಿಂದ ಮೈಸೂರು ಆಕಾಶವಾಣಿ. ಮಧ್ಯಾಹ್ನ : 12.30 ದೇವರನಾಮ, 12.45 ಚಿಣ್ಣರ ಚಿಲಿಪಿಲಿ, 1.20 ಭಾವಗೀತೆ, 3.00 "ದಾಂಗಲವ" ವಿವಿಧ ಸರಣಿ ಕಾರ್ಯಕ್ರಮ. ಸಂಜೆ : 4.00 ಜನಪದಗೀತೆ, 4.30 ಸಂಧ್ಯಾರಾಗ, 6.50 ಕೃಷಿರಂಗ, 9.30 ಕನ್ನಡ ಭಾರತಿ, 10.00 ನಾಟಕ, 10.30 ಸುಗಮಸಂಗೀತ.
